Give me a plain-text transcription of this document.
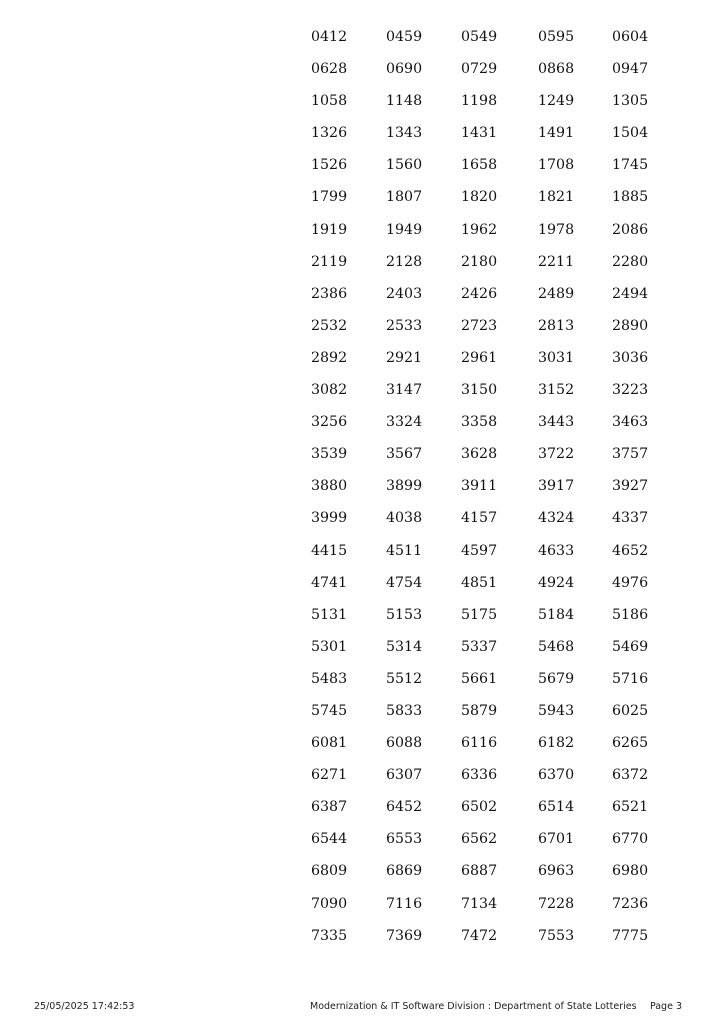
0412	0459	0549	0595	0604
0628	0690	0729	0868	0947
1058	1148	1198	1249	1305
1326	1343	1431	1491	1504
1526	1560	1658	1708	1745
1799	1807	1820	1821	1885
1919	1949	1962	1978	2086
2119	2128	2180	2211	2280
2386	2403	2426	2489	2494
2532	2533	2723	2813	2890
2892	2921	2961	3031	3036
3082	3147	3150	3152	3223
3256	3324	3358	3443	3463
3539	3567	3628	3722	3757
3880	3899	3911	3917	3927
3999	4038	4157	4324	4337
4415	4511	4597	4633	4652
4741	4754	4851	4924	4976
5131	5153	5175	5184	5186
5301	5314	5337	5468	5469
5483	5512	5661	5679	5716
5745	5833	5879	5943	6025
6081	6088	6116	6182	6265
6271	6307	6336	6370	6372
6387	6452	6502	6514	6521
6544	6553	6562	6701	6770
6809	6869	6887	6963	6980
7090	7116	7134	7228	7236
7335	7369	7472	7553	7775
25/05/2025 17:42:53	Modernization & IT Software Division : Department of State Lotteries Page 3
